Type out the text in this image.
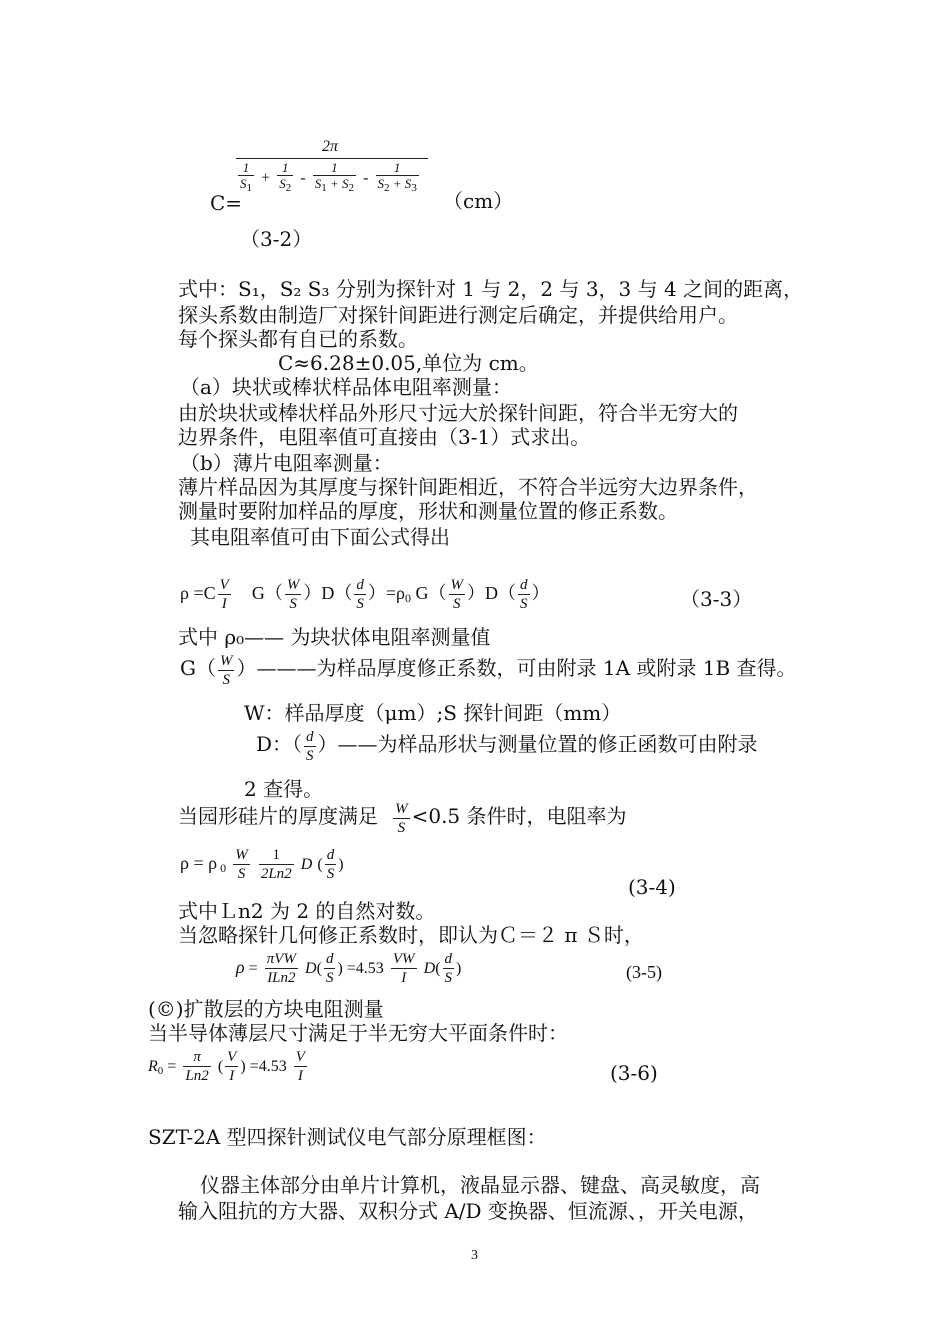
2π
$\frac{1}{S_1} + \frac{1}{S_2} - \frac{1}{S_1 + S_2} - \frac{1}{S_2 + S_3}$
C=	（cm）
（3-2）
式中：S₁，S₂ S₃ 分别为探针对 1 与 2，2 与 3，3 与 4 之间的距离，
探头系数由制造厂对探针间距进行测定后确定，并提供给用户。
每个探头都有自已的系数。
C≈6.28±0.05,单位为 cm。
（a）块状或棒状样品体电阻率测量：
由於块状或棒状样品外形尺寸远大於探针间距，符合半无穷大的
边界条件，电阻率值可直接由（3-1）式求出。
（b）薄片电阻率测量：
薄片样品因为其厚度与探针间距相近，不符合半远穷大边界条件，
测量时要附加样品的厚度，形状和测量位置的修正系数。
其电阻率值可由下面公式得出
$\rho =C \frac{V}{I} G( \frac{W}{S} )D( \frac{d}{S} )=\rho 0$ $G( \frac{W}{S} )D( \frac{d}{S}$ ）	（3-3）
式中 ρ₀—— 为块状体电阻率测量值
$G( \frac{W}{S}$ ）———为样品厚度修正系数，可由附录 1A 或附录 1B 查得。
W：样品厚度（μm）;S 探针间距（mm）
D：（ $\frac{d}{S}$ ）——为样品形状与测量位置的修正函数可由附录
2 查得。
当园形硅片的厚度满足 $\frac{W}{S} <0.5$ 条件时，电阻率为
ρ = ρ $0 \frac{W}{S}$
$\frac{1}{2Ln2}$ D ( $\frac{d}{S}$ )
(3-4)
式中Ｌn2 为 2 的自然对数。
当忽略探针几何修正系数时，即认为Ｃ＝２ π Ｓ时，
$\rho = \frac{\text{πVW}}{\text{ILn2}} D( \frac{d}{S}$ ) $=4.53 \frac{VW}{I} D( \frac{d}{S}$ )	(3-5)
(©)扩散层的方块电阻测量
当半导体薄层尺寸满足于半无穷大平面条件时：
$R_0 = \frac{\pi}{Ln2}$ ( $\frac{V}{I}$ ) $=4.53 \frac{V}{I}$	(3-6)
SZT-2A 型四探针测试仪电气部分原理框图：
仪器主体部分由单片计算机，液晶显示器、键盘、高灵敏度，高
输入阻抗的方大器、双积分式 A/D 变换器、恒流源、，开关电源，
3
